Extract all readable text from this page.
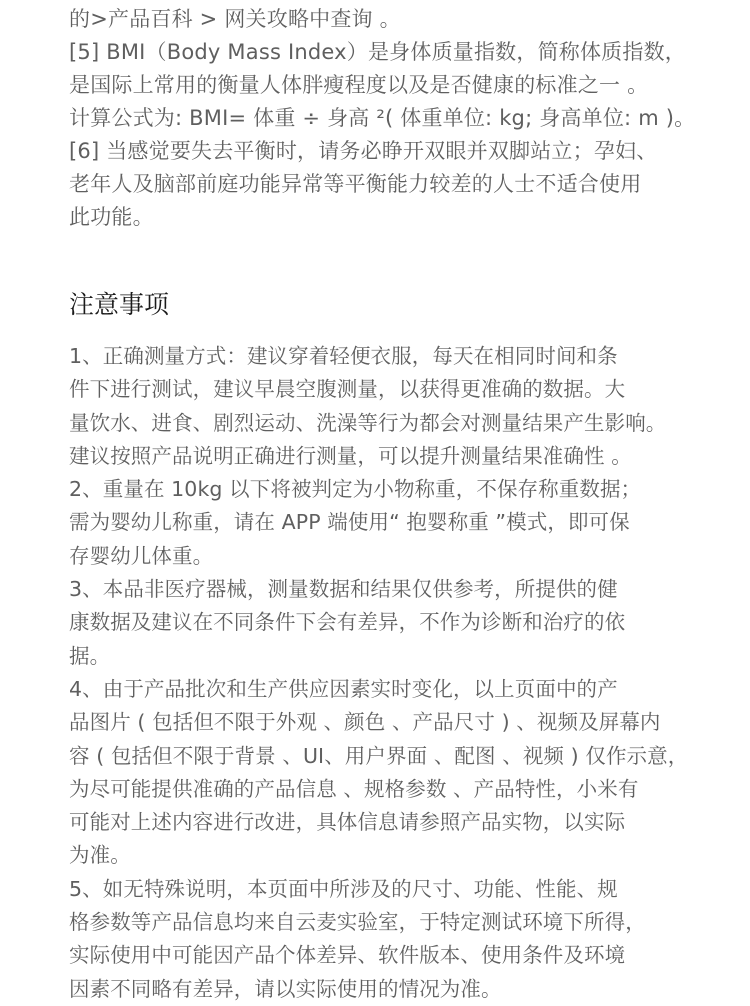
的>产品百科 > 网关攻略中查询 。
[5] BMI（Body Mass Index）是身体质量指数，简称体质指数，
是国际上常用的衡量人体胖瘦程度以及是否健康的标准之一 。
计算公式为: BMI= 体重 ÷ 身高 ²( 体重单位: kg; 身高单位: m )。
[6] 当感觉要失去平衡时，请务必睁开双眼并双脚站立；孕妇、
老年人及脑部前庭功能异常等平衡能力较差的人士不适合使用
此功能。
注意事项
1、正确测量方式：建议穿着轻便衣服，每天在相同时间和条
件下进行测试，建议早晨空腹测量，以获得更准确的数据。大
量饮水、进食、剧烈运动、洗澡等行为都会对测量结果产生影响。
建议按照产品说明正确进行测量，可以提升测量结果准确性 。
2、重量在 10kg 以下将被判定为小物称重，不保存称重数据；
需为婴幼儿称重，请在 APP 端使用“ 抱婴称重 ”模式，即可保
存婴幼儿体重。
3、本品非医疗器械，测量数据和结果仅供参考，所提供的健
康数据及建议在不同条件下会有差异，不作为诊断和治疗的依
据。
4、由于产品批次和生产供应因素实时变化，以上页面中的产
品图片 ( 包括但不限于外观 、颜色 、产品尺寸 ) 、视频及屏幕内
容 ( 包括但不限于背景 、UI、用户界面 、配图 、视频 ) 仅作示意，
为尽可能提供准确的产品信息 、规格参数 、产品特性，小米有
可能对上述内容进行改进，具体信息请参照产品实物，以实际
为准。
5、如无特殊说明，本页面中所涉及的尺寸、功能、性能、规
格参数等产品信息均来自云麦实验室，于特定测试环境下所得，
实际使用中可能因产品个体差异、软件版本、使用条件及环境
因素不同略有差异，请以实际使用的情况为准。
